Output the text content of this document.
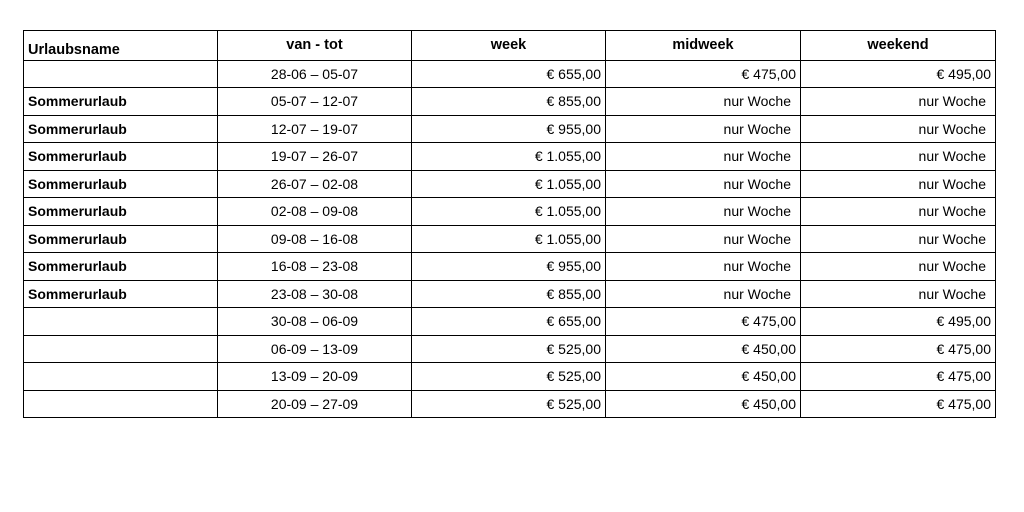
Urlaubsname	van - tot	week	midweek	weekend
	28-06 – 05-07	€ 655,00	€ 475,00	€ 495,00
Sommerurlaub	05-07 – 12-07	€ 855,00	nur Woche	nur Woche
Sommerurlaub	12-07 – 19-07	€ 955,00	nur Woche	nur Woche
Sommerurlaub	19-07 – 26-07	€ 1.055,00	nur Woche	nur Woche
Sommerurlaub	26-07 – 02-08	€ 1.055,00	nur Woche	nur Woche
Sommerurlaub	02-08 – 09-08	€ 1.055,00	nur Woche	nur Woche
Sommerurlaub	09-08 – 16-08	€ 1.055,00	nur Woche	nur Woche
Sommerurlaub	16-08 – 23-08	€ 955,00	nur Woche	nur Woche
Sommerurlaub	23-08 – 30-08	€ 855,00	nur Woche	nur Woche
	30-08 – 06-09	€ 655,00	€ 475,00	€ 495,00
	06-09 – 13-09	€ 525,00	€ 450,00	€ 475,00
	13-09 – 20-09	€ 525,00	€ 450,00	€ 475,00
	20-09 – 27-09	€ 525,00	€ 450,00	€ 475,00
